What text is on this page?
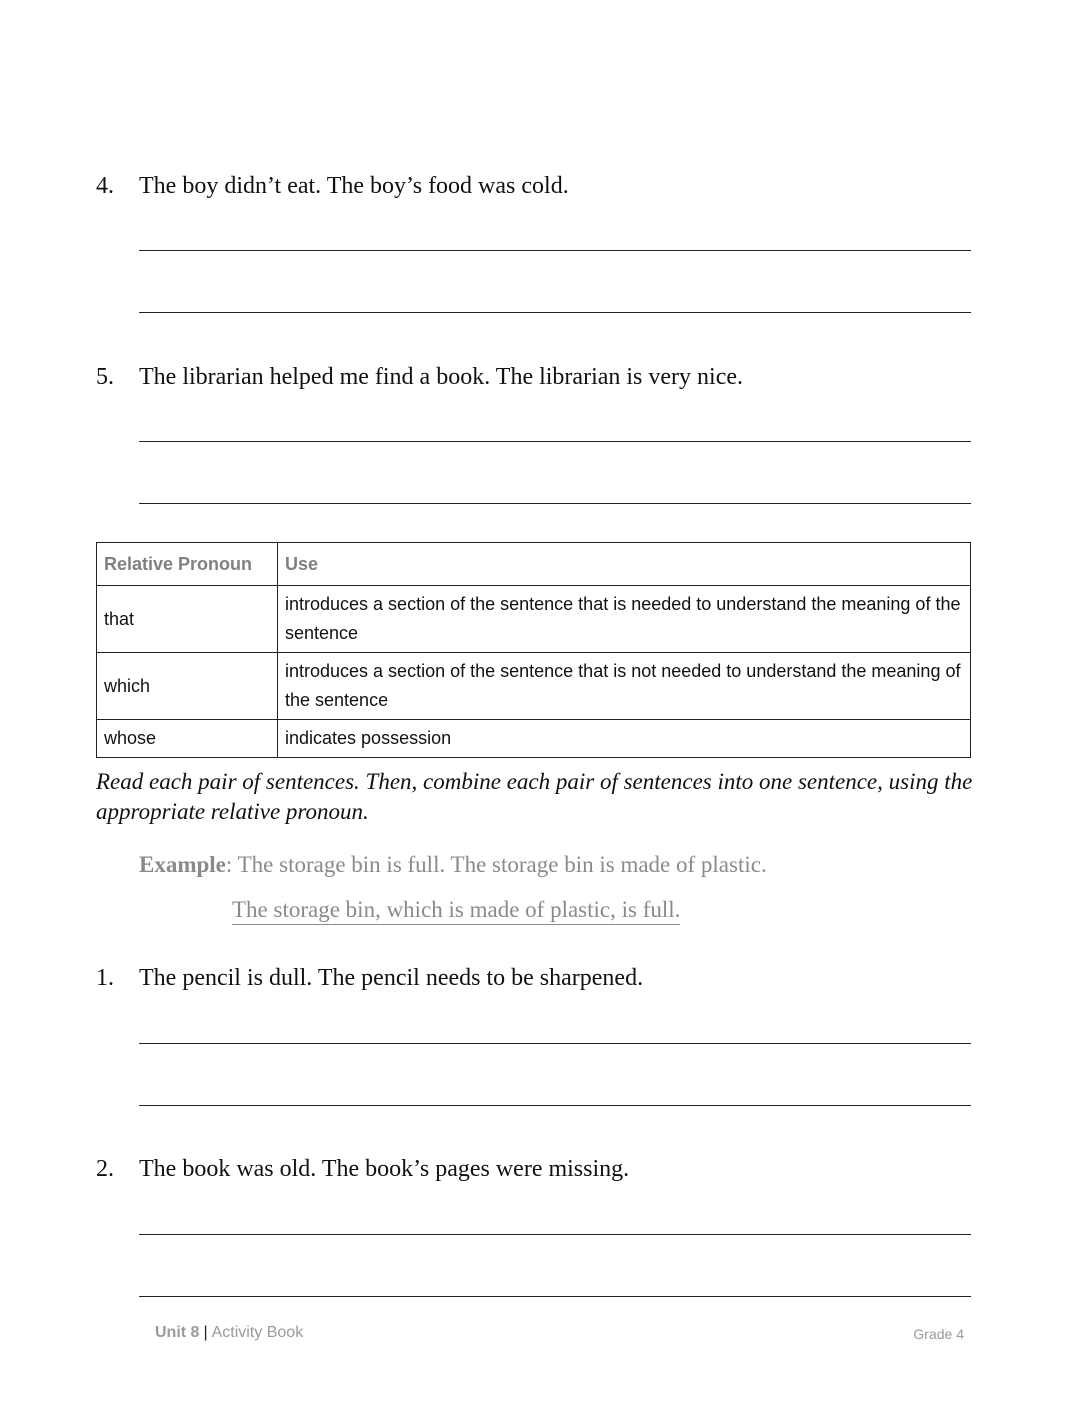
4. The boy didn’t eat. The boy’s food was cold.
5. The librarian helped me find a book. The librarian is very nice.
Relative Pronoun	Use
that	introduces a section of the sentence that is needed to understand the meaning of the sentence
which	introduces a section of the sentence that is not needed to understand the meaning of the sentence
whose	indicates possession
Read each pair of sentences. Then, combine each pair of sentences into one sentence, using the appropriate relative pronoun.
Example: The storage bin is full. The storage bin is made of plastic.
The storage bin, which is made of plastic, is full.
1. The pencil is dull. The pencil needs to be sharpened.
2. The book was old. The book’s pages were missing.
Unit 8 | Activity Book	Grade 4
